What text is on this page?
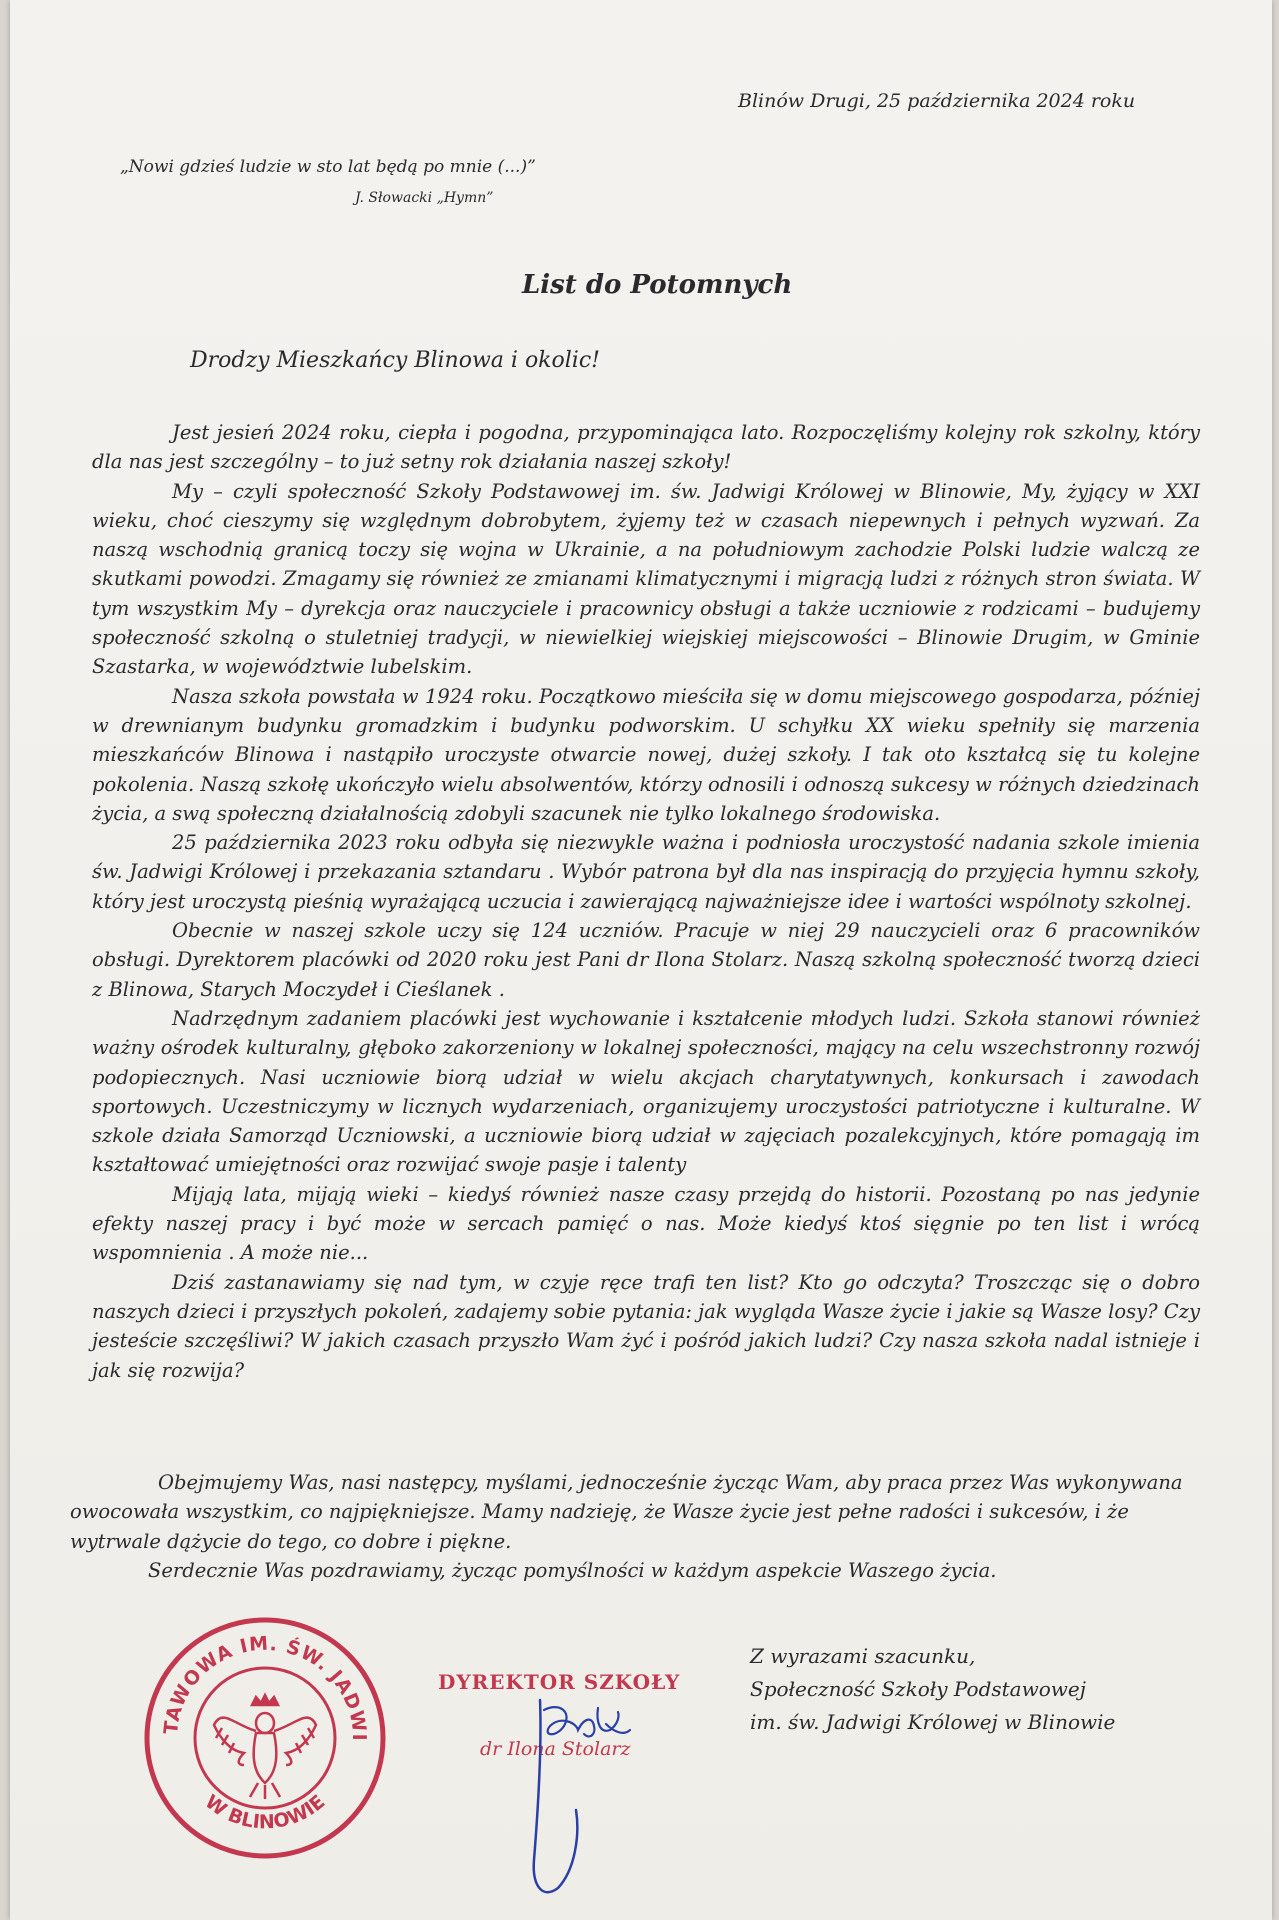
Blinów Drugi, 25 października 2024 roku
„Nowi gdzieś ludzie w sto lat będą po mnie (...)”
J. Słowacki „Hymn”
List do Potomnych
Drodzy Mieszkańcy Blinowa i okolic!

Jest jesień 2024 roku, ciepła i pogodna, przypominająca lato. Rozpoczęliśmy kolejny rok szkolny, który dla nas jest szczególny – to już setny rok działania naszej szkoły!

My – czyli społeczność Szkoły Podstawowej im. św. Jadwigi Królowej w Blinowie, My, żyjący w XXI wieku, choć cieszymy się względnym dobrobytem, żyjemy też w czasach niepewnych i pełnych wyzwań. Za naszą wschodnią granicą toczy się wojna w Ukrainie, a na południowym zachodzie Polski ludzie walczą ze skutkami powodzi. Zmagamy się również ze zmianami klimatycznymi i migracją ludzi z różnych stron świata. W tym wszystkim My – dyrekcja oraz nauczyciele i pracownicy obsługi a także uczniowie z rodzicami – budujemy społeczność szkolną o stuletniej tradycji, w niewielkiej wiejskiej miejscowości – Blinowie Drugim, w Gminie Szastarka, w województwie lubelskim.

Nasza szkoła powstała w 1924 roku. Początkowo mieściła się w domu miejscowego gospodarza, później w drewnianym budynku gromadzkim i budynku podworskim. U schyłku XX wieku spełniły się marzenia mieszkańców Blinowa i nastąpiło uroczyste otwarcie nowej, dużej szkoły. I tak oto kształcą się tu kolejne pokolenia. Naszą szkołę ukończyło wielu absolwentów, którzy odnosili i odnoszą sukcesy w różnych dziedzinach życia, a swą społeczną działalnością zdobyli szacunek nie tylko lokalnego środowiska.

25 października 2023 roku odbyła się niezwykle ważna i podniosła uroczystość nadania szkole imienia św. Jadwigi Królowej i przekazania sztandaru . Wybór patrona był dla nas inspiracją do przyjęcia hymnu szkoły, który jest uroczystą pieśnią wyrażającą uczucia i zawierającą najważniejsze idee i wartości wspólnoty szkolnej.

Obecnie w naszej szkole uczy się 124 uczniów. Pracuje w niej 29 nauczycieli oraz 6 pracowników obsługi. Dyrektorem placówki od 2020 roku jest Pani dr Ilona Stolarz. Naszą szkolną społeczność tworzą dzieci z Blinowa, Starych Moczydeł i Cieślanek .

Nadrzędnym zadaniem placówki jest wychowanie i kształcenie młodych ludzi. Szkoła stanowi również ważny ośrodek kulturalny, głęboko zakorzeniony w lokalnej społeczności, mający na celu wszechstronny rozwój podopiecznych. Nasi uczniowie biorą udział w wielu akcjach charytatywnych, konkursach i zawodach sportowych. Uczestniczymy w licznych wydarzeniach, organizujemy uroczystości patriotyczne i kulturalne. W szkole działa Samorząd Uczniowski, a uczniowie biorą udział w zajęciach pozalekcyjnych, które pomagają im kształtować umiejętności oraz rozwijać swoje pasje i talenty

Mijają lata, mijają wieki – kiedyś również nasze czasy przejdą do historii. Pozostaną po nas jedynie efekty naszej pracy i być może w sercach pamięć o nas. Może kiedyś ktoś sięgnie po ten list i wrócą wspomnienia . A może nie...

Dziś zastanawiamy się nad tym, w czyje ręce trafi ten list? Kto go odczyta? Troszcząc się o dobro naszych dzieci i przyszłych pokoleń, zadajemy sobie pytania: jak wygląda Wasze życie i jakie są Wasze losy? Czy jesteście szczęśliwi? W jakich czasach przyszło Wam żyć i pośród jakich ludzi? Czy nasza szkoła nadal istnieje i jak się rozwija?

Obejmujemy Was, nasi następcy, myślami, jednocześnie życząc Wam, aby praca przez Was wykonywana owocowała wszystkim, co najpiękniejsze. Mamy nadzieję, że Wasze życie jest pełne radości i sukcesów, i że wytrwale dążycie do tego, co dobre i piękne.

Serdecznie Was pozdrawiamy, życząc pomyślności w każdym aspekcie Waszego życia.

TAWOWA IM. ŚW. JADWI
W BLINOWIE
DYREKTOR SZKOŁY
dr Ilona Stolarz
Z wyrazami szacunku,
Społeczność Szkoły Podstawowej
im. św. Jadwigi Królowej w Blinowie
